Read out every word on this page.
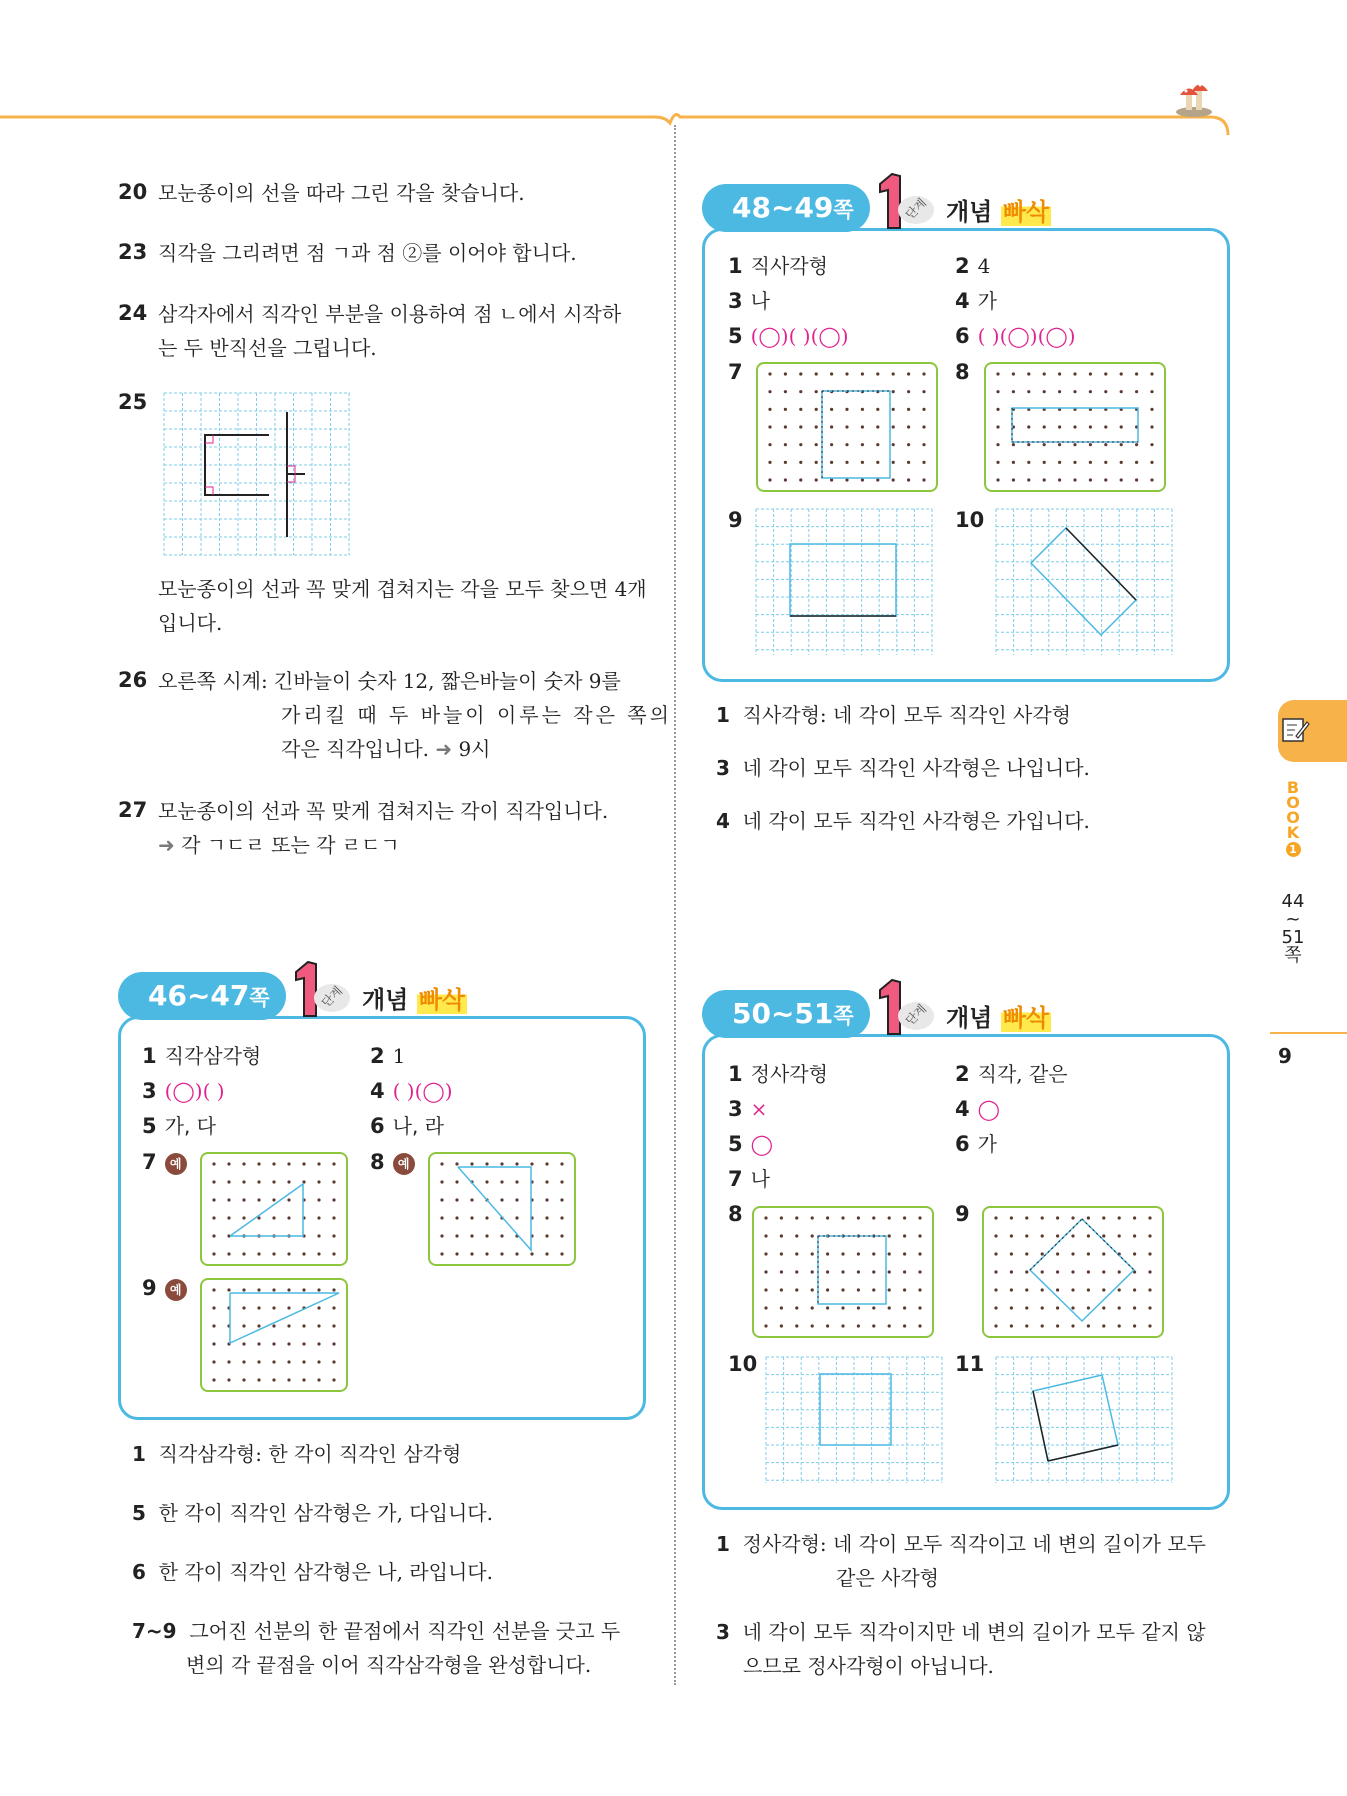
20 모눈종이의 선을 따라 그린 각을 찾습니다.
23 직각을 그리려면 점 ㄱ과 점 ②를 이어야 합니다.
24 삼각자에서 직각인 부분을 이용하여 점 ㄴ에서 시작하
는 두 반직선을 그립니다.
25
모눈종이의 선과 꼭 맞게 겹쳐지는 각을 모두 찾으면 4개
입니다.
26 오른쪽 시계: 긴바늘이 숫자 12, 짧은바늘이 숫자 9를
가리킬 때 두 바늘이 이루는 작은 쪽의
각은 직각입니다. ➜ 9시
27 모눈종이의 선과 꼭 맞게 겹쳐지는 각이 직각입니다.
➜ 각 ㄱㄷㄹ 또는 각 ㄹㄷㄱ
46~47쪽	단계 개념 빠삭
1 직각삼각형	2 1
3 (◯)( )	4 ( )(◯)
5 가, 다	6 나, 라
7 예	8 예
9 예
1 직각삼각형: 한 각이 직각인 삼각형
5 한 각이 직각인 삼각형은 가, 다입니다.
6 한 각이 직각인 삼각형은 나, 라입니다.
7~9 그어진 선분의 한 끝점에서 직각인 선분을 긋고 두
변의 각 끝점을 이어 직각삼각형을 완성합니다.
48~49쪽	단계 개념 빠삭
1 직사각형	2 4
3 나	4 가
5 (◯)( )(◯)	6 ( )(◯)(◯)
7	8
9	10
1 직사각형: 네 각이 모두 직각인 사각형
3 네 각이 모두 직각인 사각형은 나입니다.
4 네 각이 모두 직각인 사각형은 가입니다.
50~51쪽	단계 개념 빠삭
1 정사각형	2 직각, 같은
3 ×	4 ◯
5 ◯	6 가
7 나
8	9
10	11
1 정사각형: 네 각이 모두 직각이고 네 변의 길이가 모두
같은 사각형
3 네 각이 모두 직각이지만 네 변의 길이가 모두 같지 않
으므로 정사각형이 아닙니다.
B
O
O
K
1
44
~
51
쪽
9
